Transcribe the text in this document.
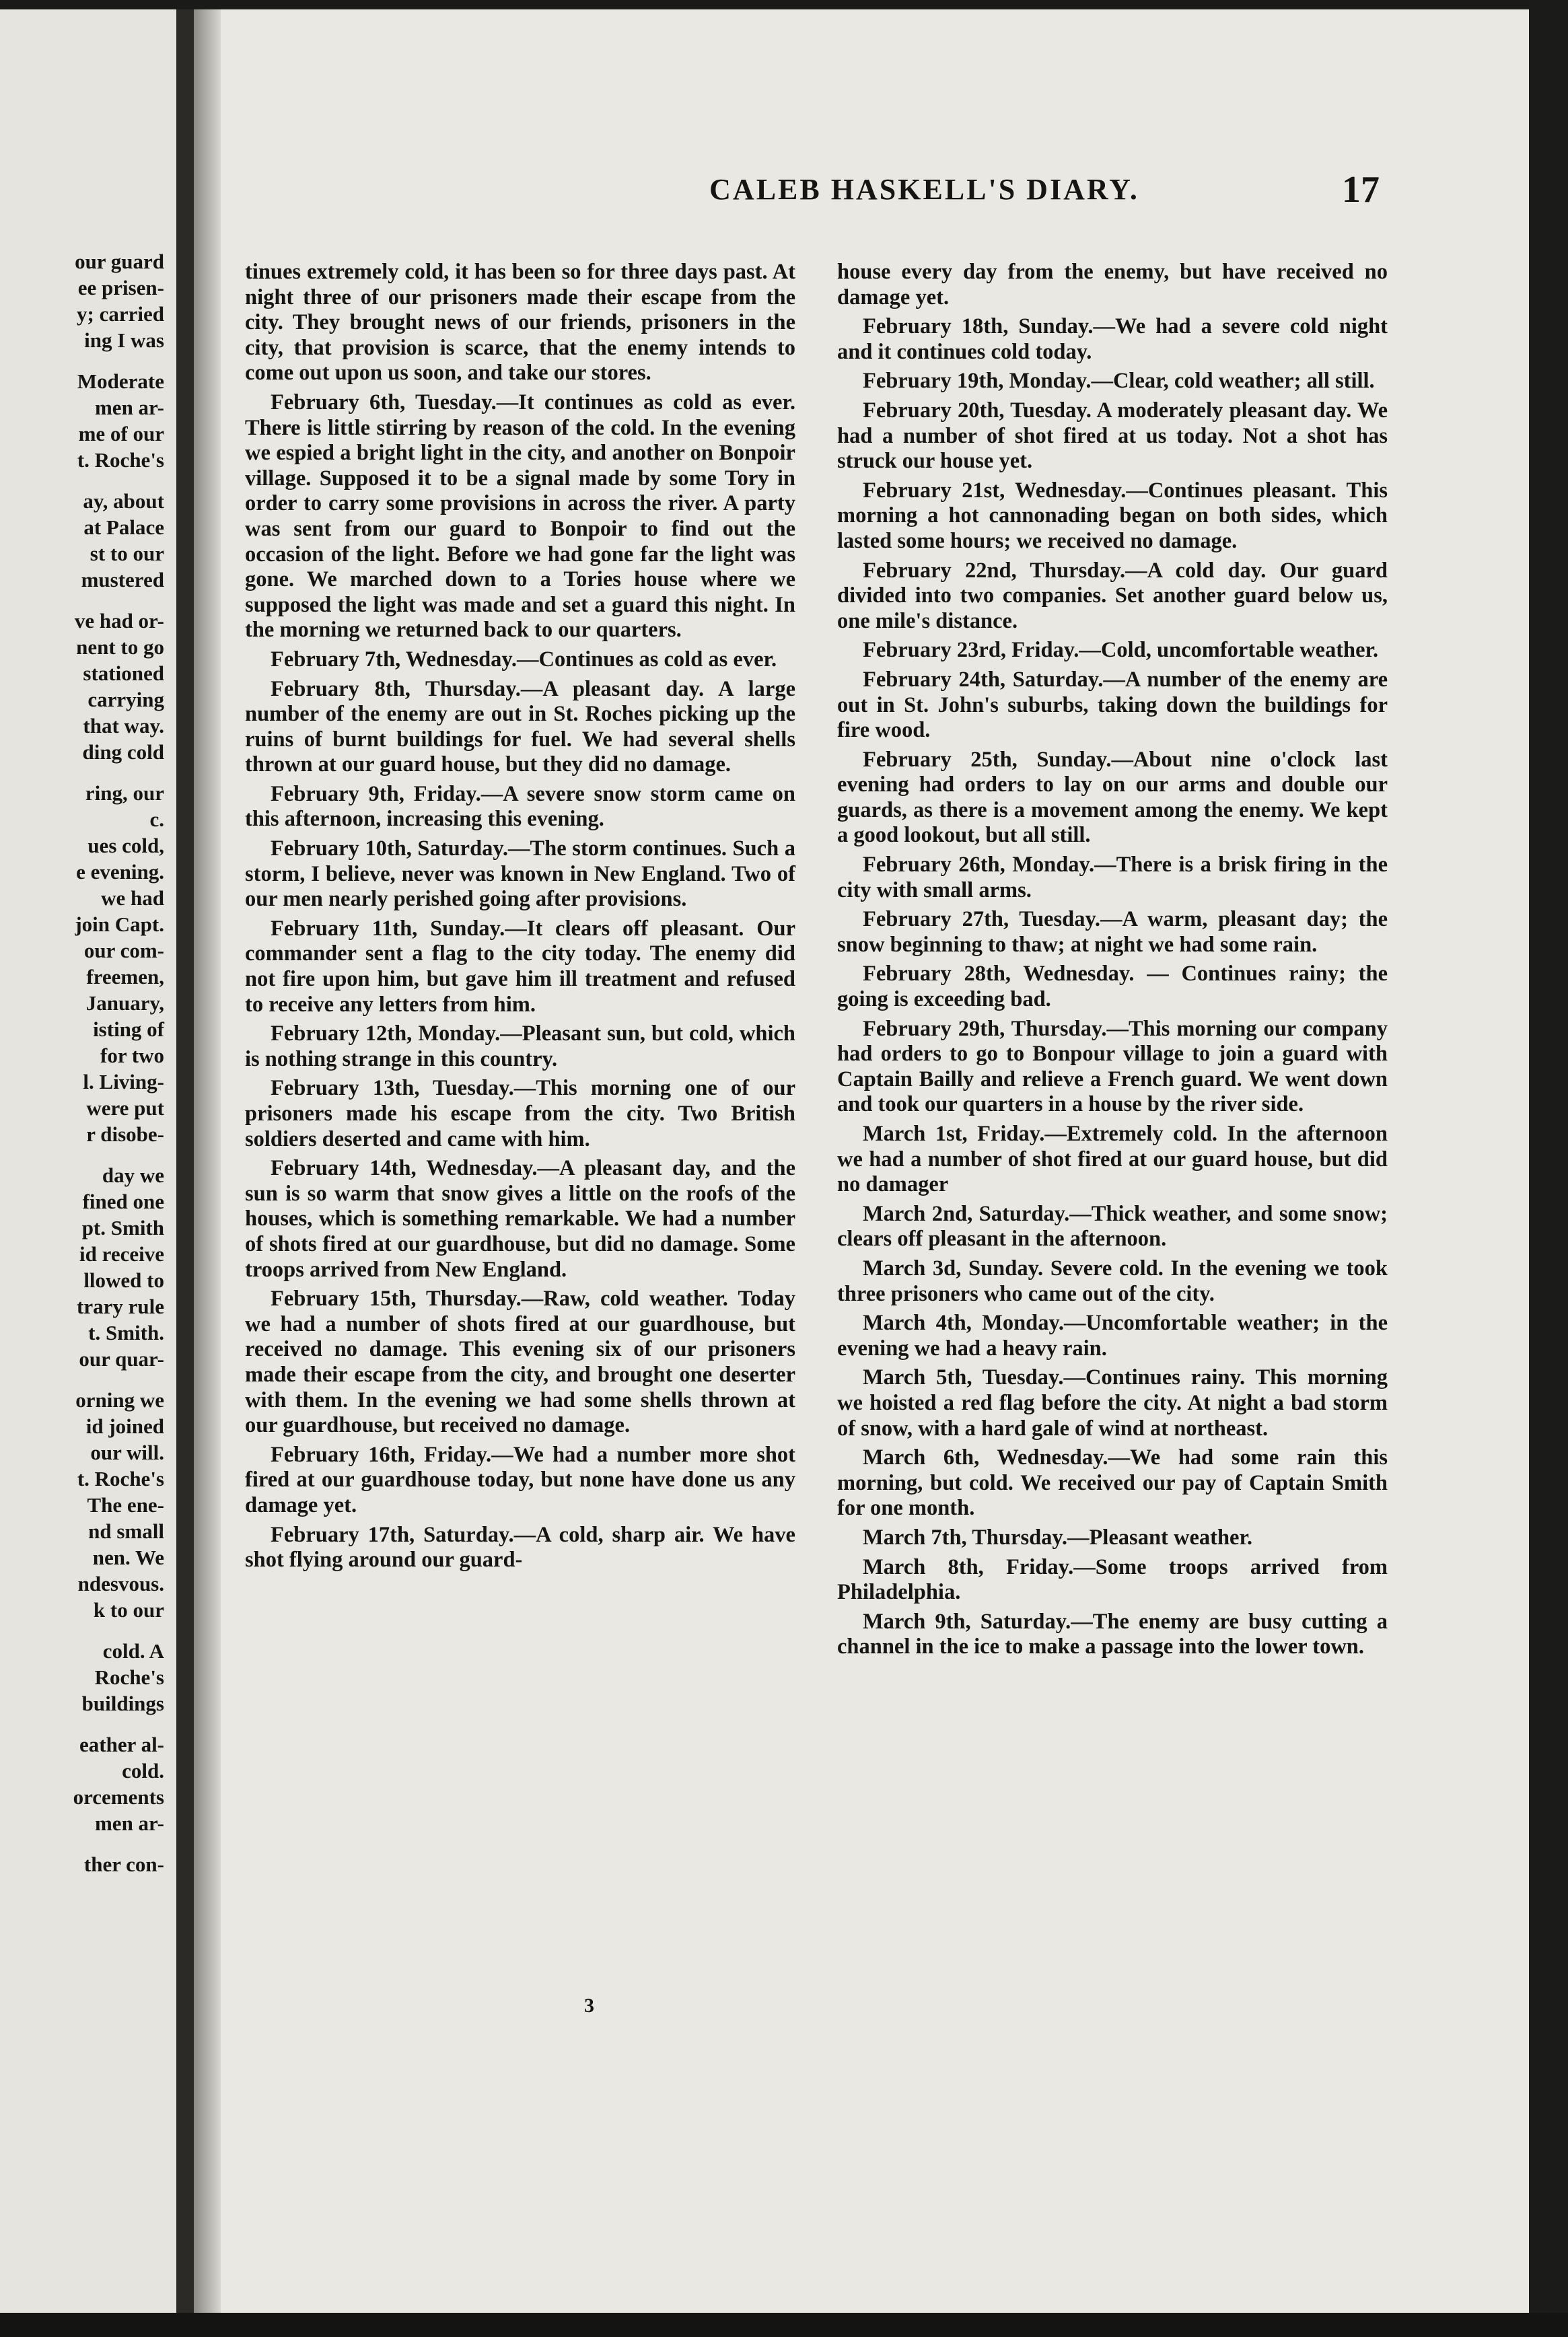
our guard
ee prisen-
y; carried
ing I was
Moderate
men ar-
me of our
t. Roche's
ay, about
at Palace
st to our
mustered
ve had or-
nent to go
stationed
carrying
that way.
ding cold
ring, our
c.
ues cold,
e evening.
we had
join Capt.
our com-
freemen,
January,
isting of
for two
l. Living-
were put
r disobe-
day we
fined one
pt. Smith
id receive
llowed to
trary rule
t. Smith.
our quar-
orning we
id joined
our will.
t. Roche's
The ene-
nd small
nen. We
ndesvous.
k to our
cold. A
Roche's
buildings
eather al-
cold.
orcements
men ar-
ther con-
CALEB HASKELL'S DIARY.	17

tinues extremely cold, it has been so for three days past. At night three of our prisoners made their escape from the city. They brought news of our friends, prisoners in the city, that provision is scarce, that the enemy intends to come out upon us soon, and take our stores.

February 6th, Tuesday.—It continues as cold as ever. There is little stirring by reason of the cold. In the evening we espied a bright light in the city, and another on Bonpoir village. Supposed it to be a signal made by some Tory in order to carry some provisions in across the river. A party was sent from our guard to Bonpoir to find out the occasion of the light. Before we had gone far the light was gone. We marched down to a Tories house where we supposed the light was made and set a guard this night. In the morning we returned back to our quarters.

February 7th, Wednesday.—Continues as cold as ever.

February 8th, Thursday.—A pleasant day. A large number of the enemy are out in St. Roches picking up the ruins of burnt buildings for fuel. We had several shells thrown at our guard house, but they did no damage.

February 9th, Friday.—A severe snow storm came on this afternoon, increasing this evening.

February 10th, Saturday.—The storm continues. Such a storm, I believe, never was known in New England. Two of our men nearly perished going after provisions.

February 11th, Sunday.—It clears off pleasant. Our commander sent a flag to the city today. The enemy did not fire upon him, but gave him ill treatment and refused to receive any letters from him.

February 12th, Monday.—Pleasant sun, but cold, which is nothing strange in this country.

February 13th, Tuesday.—This morning one of our prisoners made his escape from the city. Two British soldiers deserted and came with him.

February 14th, Wednesday.—A pleasant day, and the sun is so warm that snow gives a little on the roofs of the houses, which is something remarkable. We had a number of shots fired at our guardhouse, but did no damage. Some troops arrived from New England.

February 15th, Thursday.—Raw, cold weather. Today we had a number of shots fired at our guardhouse, but received no damage. This evening six of our prisoners made their escape from the city, and brought one deserter with them. In the evening we had some shells thrown at our guardhouse, but received no damage.

February 16th, Friday.—We had a number more shot fired at our guardhouse today, but none have done us any damage yet.

February 17th, Saturday.—A cold, sharp air. We have shot flying around our guard-

house every day from the enemy, but have received no damage yet.

February 18th, Sunday.—We had a severe cold night and it continues cold today.

February 19th, Monday.—Clear, cold weather; all still.

February 20th, Tuesday. A moderately pleasant day. We had a number of shot fired at us today. Not a shot has struck our house yet.

February 21st, Wednesday.—Continues pleasant. This morning a hot cannonading began on both sides, which lasted some hours; we received no damage.

February 22nd, Thursday.—A cold day. Our guard divided into two companies. Set another guard below us, one mile's distance.

February 23rd, Friday.—Cold, uncomfortable weather.

February 24th, Saturday.—A number of the enemy are out in St. John's suburbs, taking down the buildings for fire wood.

February 25th, Sunday.—About nine o'clock last evening had orders to lay on our arms and double our guards, as there is a movement among the enemy. We kept a good lookout, but all still.

February 26th, Monday.—There is a brisk firing in the city with small arms.

February 27th, Tuesday.—A warm, pleasant day; the snow beginning to thaw; at night we had some rain.

February 28th, Wednesday. — Continues rainy; the going is exceeding bad.

February 29th, Thursday.—This morning our company had orders to go to Bonpour village to join a guard with Captain Bailly and relieve a French guard. We went down and took our quarters in a house by the river side.

March 1st, Friday.—Extremely cold. In the afternoon we had a number of shot fired at our guard house, but did no damager

March 2nd, Saturday.—Thick weather, and some snow; clears off pleasant in the afternoon.

March 3d, Sunday. Severe cold. In the evening we took three prisoners who came out of the city.

March 4th, Monday.—Uncomfortable weather; in the evening we had a heavy rain.

March 5th, Tuesday.—Continues rainy. This morning we hoisted a red flag before the city. At night a bad storm of snow, with a hard gale of wind at northeast.

March 6th, Wednesday.—We had some rain this morning, but cold. We received our pay of Captain Smith for one month.

March 7th, Thursday.—Pleasant weather.

March 8th, Friday.—Some troops arrived from Philadelphia.

March 9th, Saturday.—The enemy are busy cutting a channel in the ice to make a passage into the lower town.

3
